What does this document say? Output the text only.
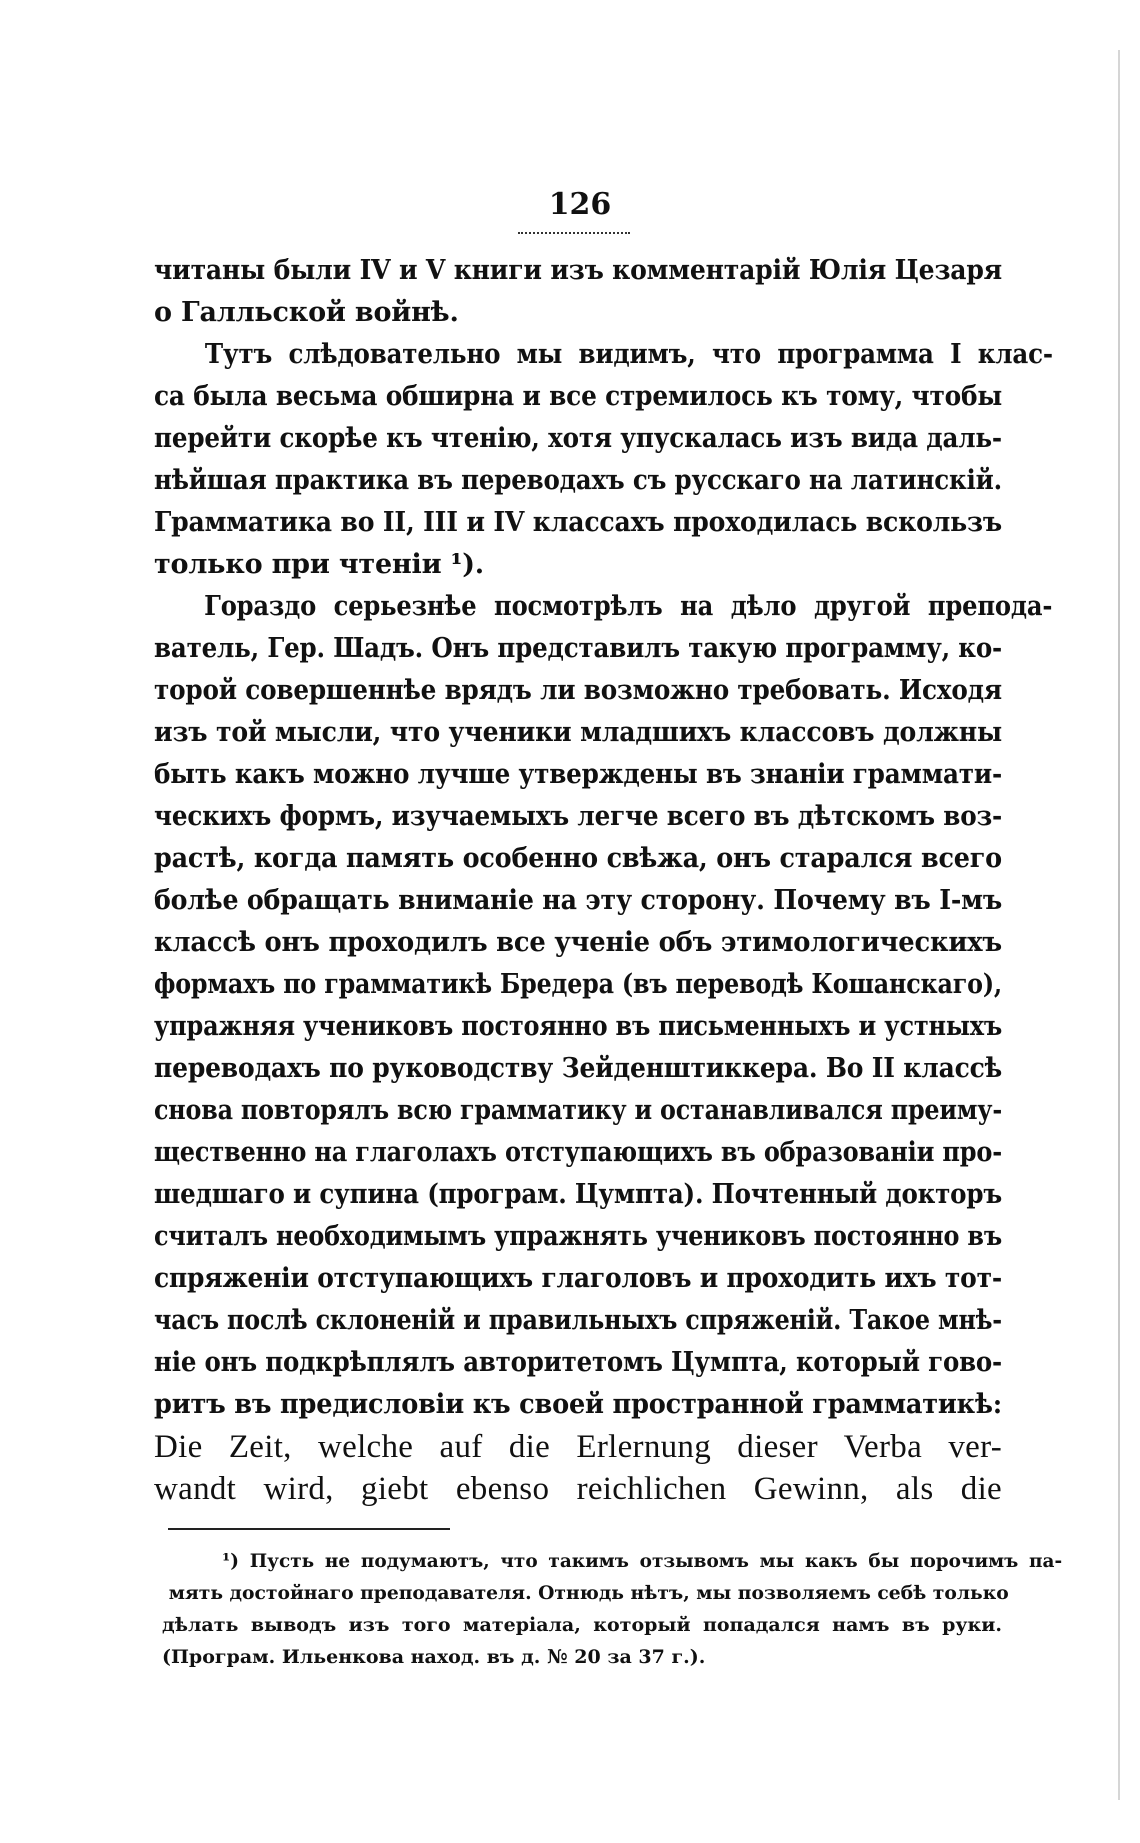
126
читаны были IV и V книги изъ комментарій Юлія Цезаря
о Галльской войнѣ.
Тутъ слѣдовательно мы видимъ, что программа I клас-
са была весьма обширна и все стремилось къ тому, чтобы
перейти скорѣе къ чтенію, хотя упускалась изъ вида даль-
нѣйшая практика въ переводахъ съ русскаго на латинскій.
Грамматика во II, III и IV классахъ проходилась вскользъ
только при чтеніи ¹).
Гораздо серьезнѣе посмотрѣлъ на дѣло другой препода-
ватель, Гер. Шадъ. Онъ представилъ такую программу, ко-
торой совершеннѣе врядъ ли возможно требовать. Исходя
изъ той мысли, что ученики младшихъ классовъ должны
быть какъ можно лучше утверждены въ знаніи граммати-
ческихъ формъ, изучаемыхъ легче всего въ дѣтскомъ воз-
растѣ, когда память особенно свѣжа, онъ старался всего
болѣе обращать вниманіе на эту сторону. Почему въ I-мъ
классѣ онъ проходилъ все ученіе объ этимологическихъ
формахъ по грамматикѣ Бредера (въ переводѣ Кошанскаго),
упражняя учениковъ постоянно въ письменныхъ и устныхъ
переводахъ по руководству Зейденштиккера. Во II классѣ
снова повторялъ всю грамматику и останавливался преиму-
щественно на глаголахъ отступающихъ въ образованіи про-
шедшаго и супина (програм. Цумпта). Почтенный докторъ
считалъ необходимымъ упражнять учениковъ постоянно въ
спряженіи отступающихъ глаголовъ и проходить ихъ тот-
часъ послѣ склоненій и правильныхъ спряженій. Такое мнѣ-
ніе онъ подкрѣплялъ авторитетомъ Цумпта, который гово-
ритъ въ предисловіи къ своей пространной грамматикѣ:
Die Zeit, welche auf die Erlernung dieser Verba ver-
wandt wird, giebt ebenso reichlichen Gewinn, als die
¹) Пусть не подумаютъ, что такимъ отзывомъ мы какъ бы порочимъ па-
мять достойнаго преподавателя. Отнюдь нѣтъ, мы позволяемъ себѣ только
дѣлать выводъ изъ того матеріала, который попадался намъ въ руки.
(Програм. Ильенкова наход. въ д. № 20 за 37 г.).
